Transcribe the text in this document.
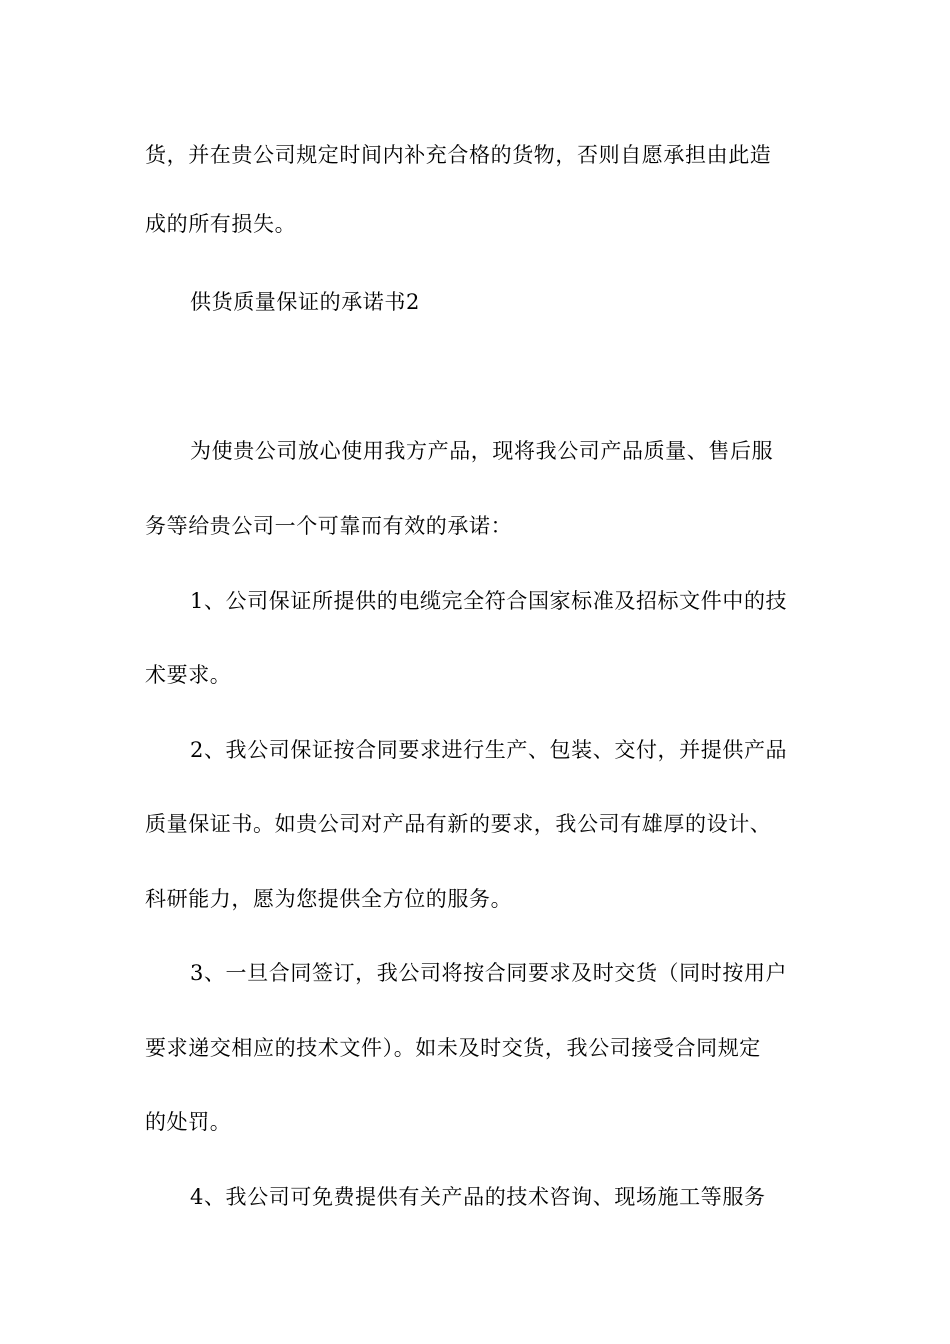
货，并在贵公司规定时间内补充合格的货物，否则自愿承担由此造
成的所有损失。
供货质量保证的承诺书2
为使贵公司放心使用我方产品，现将我公司产品质量、售后服
务等给贵公司一个可靠而有效的承诺：
1、公司保证所提供的电缆完全符合国家标准及招标文件中的技
术要求。
2、我公司保证按合同要求进行生产、包装、交付，并提供产品
质量保证书。如贵公司对产品有新的要求，我公司有雄厚的设计、
科研能力，愿为您提供全方位的服务。
3、一旦合同签订，我公司将按合同要求及时交货（同时按用户
要求递交相应的技术文件）。如未及时交货，我公司接受合同规定
的处罚。
4、我公司可免费提供有关产品的技术咨询、现场施工等服务
